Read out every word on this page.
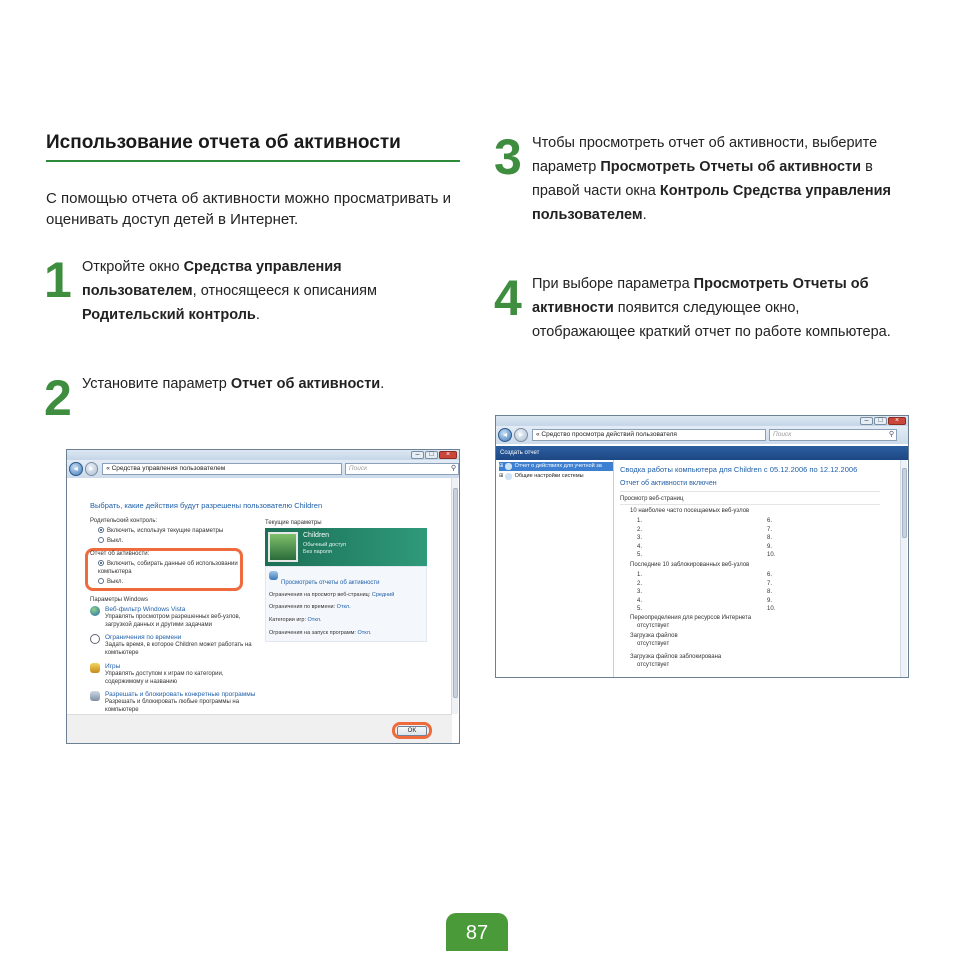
Использование отчета об активности
С помощью отчета об активности можно просматривать и оценивать доступ детей в Интернет.
1 Откройте окно Средства управления пользователем, относящееся к описаниям Родительский контроль.
2 Установите параметр Отчет об активности.
3 Чтобы просмотреть отчет об активности, выберите параметр Просмотреть Отчеты об активности в правой части окна Контроль Средства управления пользователем.
4 При выборе параметра Просмотреть Отчеты об активности появится следующее окно, отображающее краткий отчет по работе компьютера.
–	□	×
◂	▸	« Средства управления пользователем	Поиск	⚲
Выбрать, какие действия будут разрешены пользователю Children
Родительский контроль:
Включить, используя текущие параметры
Выкл.
Отчет об активности:
Включить, собирать данные об использовании компьютера
Выкл.
Параметры Windows
Веб-фильтр Windows Vista
Управлять просмотром разрешенных веб-узлов, загрузкой данных и другими задачами
Ограничения по времени
Задать время, в которое Children может работать на компьютере
Игры
Управлять доступом к играм по категории, содержимому и названию
Разрешать и блокировать конкретные программы
Разрешать и блокировать любые программы на компьютере
Текущие параметры
Children
Обычный доступ
Без пароля
Просмотреть отчеты об активности
Ограничения на просмотр веб-страниц: Средний
Ограничения по времени: Откл.
Категории игр: Откл.
Ограничения на запуск программ: Откл.
OK
–	□	×
◂	▸	« Средство просмотра действий пользователя	Поиск	⚲
Создать отчет
⊞ Отчет о действиях для учетной за
⊞ Общие настройки системы
Сводка работы компьютера для Children с 05.12.2006 по 12.12.2006
Отчет об активности включен
Просмотр веб-страниц
10 наиболее часто посещаемых веб-узлов
1.
2.
3.
4.
5.
6.
7.
8.
9.
10.
Последние 10 заблокированных веб-узлов
1.
2.
3.
4.
5.
6.
7.
8.
9.
10.
Переопределения для ресурсов Интернета
отсутствует
Загрузка файлов
отсутствует
Загрузка файлов заблокирована
отсутствует
87
